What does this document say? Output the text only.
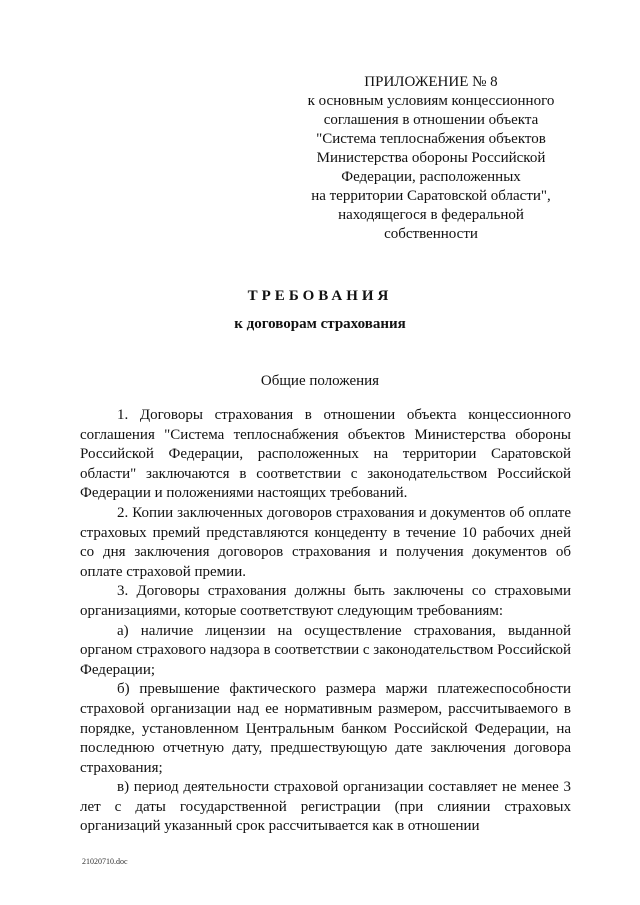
ПРИЛОЖЕНИЕ № 8
к основным условиям концессионного
соглашения в отношении объекта
"Система теплоснабжения объектов
Министерства обороны Российской
Федерации, расположенных
на территории Саратовской области",
находящегося в федеральной
собственности
ТРЕБОВАНИЯ
к договорам страхования
Общие положения

1. Договоры страхования в отношении объекта концессионного соглашения "Система теплоснабжения объектов Министерства обороны Российской Федерации, расположенных на территории Саратовской области" заключаются в соответствии с законодательством Российской Федерации и положениями настоящих требований.

2. Копии заключенных договоров страхования и документов об оплате страховых премий представляются концеденту в течение 10 рабочих дней со дня заключения договоров страхования и получения документов об оплате страховой премии.

3. Договоры страхования должны быть заключены со страховыми организациями, которые соответствуют следующим требованиям:

а) наличие лицензии на осуществление страхования, выданной органом страхового надзора в соответствии с законодательством Российской Федерации;

б) превышение фактического размера маржи платежеспособности страховой организации над ее нормативным размером, рассчитываемого в порядке, установленном Центральным банком Российской Федерации, на последнюю отчетную дату, предшествующую дате заключения договора страхования;

в) период деятельности страховой организации составляет не менее 3 лет с даты государственной регистрации (при слиянии страховых организаций указанный срок рассчитывается как в отношении

21020710.doc
